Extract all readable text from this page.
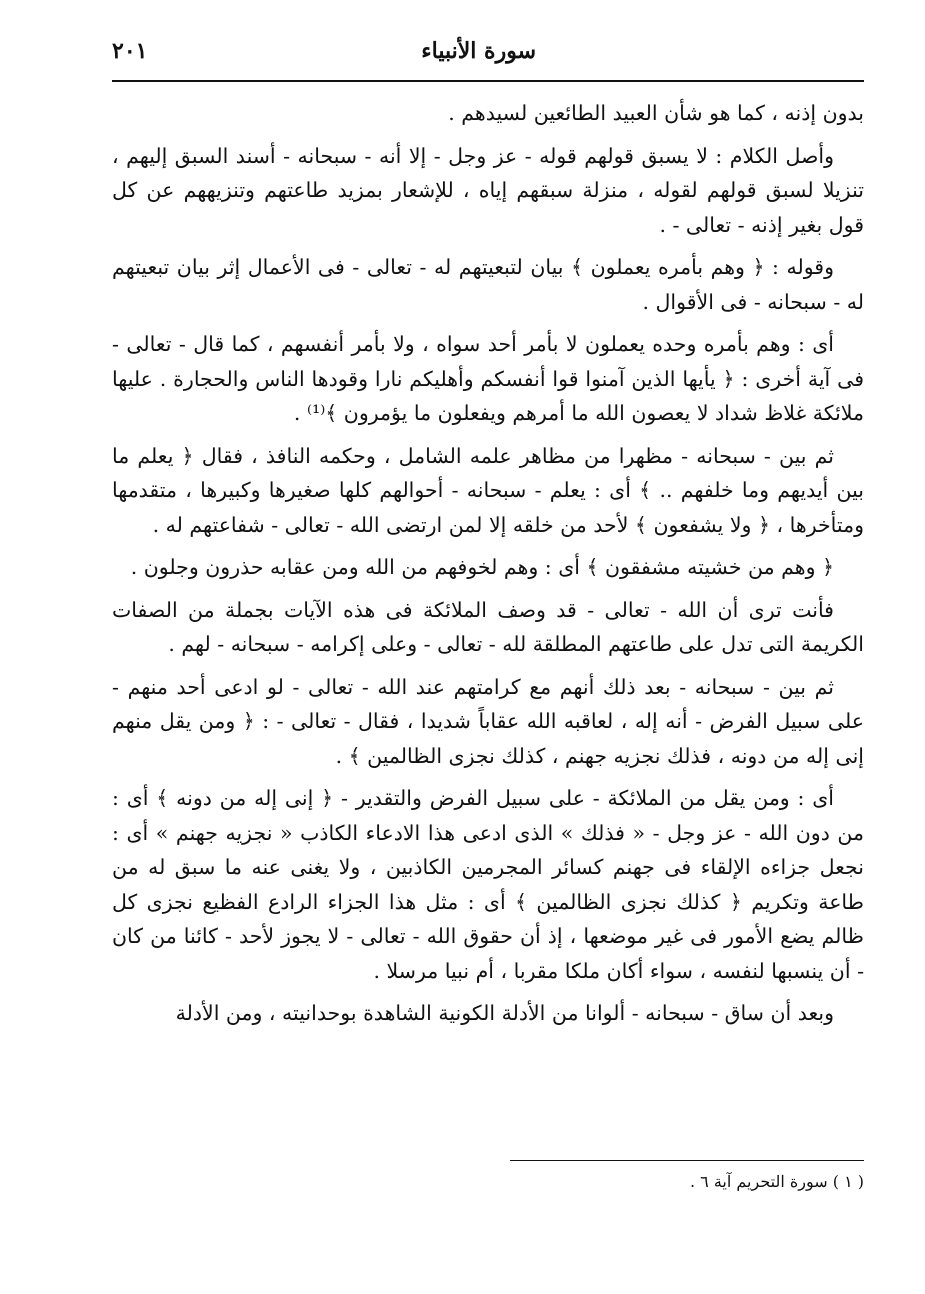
سورة الأنبياء
٢٠١

بدون إذنه ، كما هو شأن العبيد الطائعين لسيدهم .

وأصل الكلام : لا يسبق قولهم قوله - عز وجل - إلا أنه - سبحانه - أسند السبق إليهم ، تنزيلا لسبق قولهم لقوله ، منزلة سبقهم إياه ، للإشعار بمزيد طاعتهم وتنزيههم عن كل قول بغير إذنه - تعالى - .

وقوله : ﴿ وهم بأمره يعملون ﴾ بيان لتبعيتهم له - تعالى - فى الأعمال إثر بيان تبعيتهم له - سبحانه - فى الأقوال .

أى : وهم بأمره وحده يعملون لا بأمر أحد سواه ، ولا بأمر أنفسهم ، كما قال - تعالى - فى آية أخرى : ﴿ يأيها الذين آمنوا قوا أنفسكم وأهليكم نارا وقودها الناس والحجارة . عليها ملائكة غلاظ شداد لا يعصون الله ما أمرهم ويفعلون ما يؤمرون ﴾⁽¹⁾ .

ثم بين - سبحانه - مظهرا من مظاهر علمه الشامل ، وحكمه النافذ ، فقال ﴿ يعلم ما بين أيديهم وما خلفهم .. ﴾ أى : يعلم - سبحانه - أحوالهم كلها صغيرها وكبيرها ، متقدمها ومتأخرها ، ﴿ ولا يشفعون ﴾ لأحد من خلقه إلا لمن ارتضى الله - تعالى - شفاعتهم له .

﴿ وهم من خشيته مشفقون ﴾ أى : وهم لخوفهم من الله ومن عقابه حذرون وجلون .

فأنت ترى أن الله - تعالى - قد وصف الملائكة فى هذه الآيات بجملة من الصفات الكريمة التى تدل على طاعتهم المطلقة لله - تعالى - وعلى إكرامه - سبحانه - لهم .

ثم بين - سبحانه - بعد ذلك أنهم مع كرامتهم عند الله - تعالى - لو ادعى أحد منهم - على سبيل الفرض - أنه إله ، لعاقبه الله عقاباً شديدا ، فقال - تعالى - : ﴿ ومن يقل منهم إنى إله من دونه ، فذلك نجزيه جهنم ، كذلك نجزى الظالمين ﴾ .

أى : ومن يقل من الملائكة - على سبيل الفرض والتقدير - ﴿ إنى إله من دونه ﴾ أى : من دون الله - عز وجل - « فذلك » الذى ادعى هذا الادعاء الكاذب « نجزيه جهنم » أى : نجعل جزاءه الإلقاء فى جهنم كسائر المجرمين الكاذبين ، ولا يغنى عنه ما سبق له من طاعة وتكريم ﴿ كذلك نجزى الظالمين ﴾ أى : مثل هذا الجزاء الرادع الفظيع نجزى كل ظالم يضع الأمور فى غير موضعها ، إذ أن حقوق الله - تعالى - لا يجوز لأحد - كائنا من كان - أن ينسبها لنفسه ، سواء أكان ملكا مقربا ، أم نبيا مرسلا .

وبعد أن ساق - سبحانه - ألوانا من الأدلة الكونية الشاهدة بوحدانيته ، ومن الأدلة

( ١ ) سورة التحريم آية ٦ .
